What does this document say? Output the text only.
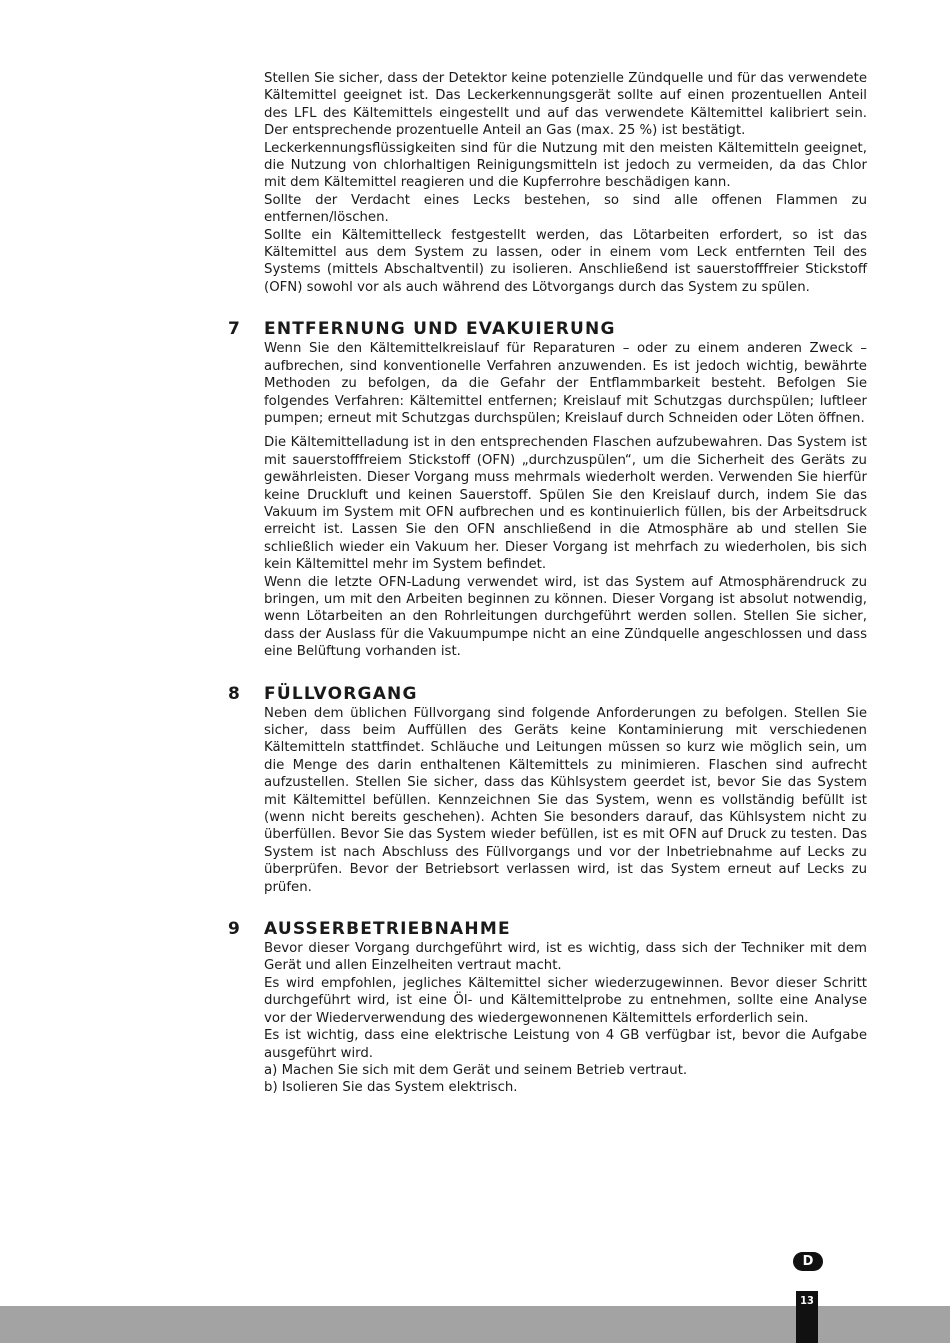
Stellen Sie sicher, dass der Detektor keine potenzielle Zündquelle und für das verwendete Kältemittel geeignet ist. Das Leckerkennungsgerät sollte auf einen prozentuellen Anteil des LFL des Kältemittels eingestellt und auf das verwendete Kältemittel kalibriert sein. Der entsprechende prozentuelle Anteil an Gas (max. 25 %) ist bestätigt.

Leckerkennungsflüssigkeiten sind für die Nutzung mit den meisten Kältemitteln geeignet, die Nutzung von chlorhaltigen Reinigungsmitteln ist jedoch zu vermeiden, da das Chlor mit dem Kältemittel reagieren und die Kupferrohre beschädigen kann.

Sollte der Verdacht eines Lecks bestehen, so sind alle offenen Flammen zu entfernen/löschen.

Sollte ein Kältemittelleck festgestellt werden, das Lötarbeiten erfordert, so ist das Kältemittel aus dem System zu lassen, oder in einem vom Leck entfernten Teil des Systems (mittels Abschaltventil) zu isolieren. Anschließend ist sauerstofffreier Stickstoff (OFN) sowohl vor als auch während des Lötvorgangs durch das System zu spülen.

7 ENTFERNUNG UND EVAKUIERUNG

Wenn Sie den Kältemittelkreislauf für Reparaturen – oder zu einem anderen Zweck – aufbrechen, sind konventionelle Verfahren anzuwenden. Es ist jedoch wichtig, bewährte Methoden zu befolgen, da die Gefahr der Entflammbarkeit besteht. Befolgen Sie folgendes Verfahren: Kältemittel entfernen; Kreislauf mit Schutzgas durchspülen; luftleer pumpen; erneut mit Schutzgas durchspülen; Kreislauf durch Schneiden oder Löten öffnen.

Die Kältemittelladung ist in den entsprechenden Flaschen aufzubewahren. Das System ist mit sauerstofffreiem Stickstoff (OFN) „durchzuspülen“, um die Sicherheit des Geräts zu gewährleisten. Dieser Vorgang muss mehrmals wiederholt werden. Verwenden Sie hierfür keine Druckluft und keinen Sauerstoff. Spülen Sie den Kreislauf durch, indem Sie das Vakuum im System mit OFN aufbrechen und es kontinuierlich füllen, bis der Arbeitsdruck erreicht ist. Lassen Sie den OFN anschließend in die Atmosphäre ab und stellen Sie schließlich wieder ein Vakuum her. Dieser Vorgang ist mehrfach zu wiederholen, bis sich kein Kältemittel mehr im System befindet.

Wenn die letzte OFN-Ladung verwendet wird, ist das System auf Atmosphärendruck zu bringen, um mit den Arbeiten beginnen zu können. Dieser Vorgang ist absolut notwendig, wenn Lötarbeiten an den Rohrleitungen durchgeführt werden sollen. Stellen Sie sicher, dass der Auslass für die Vakuumpumpe nicht an eine Zündquelle angeschlossen und dass eine Belüftung vorhanden ist.

8 FÜLLVORGANG

Neben dem üblichen Füllvorgang sind folgende Anforderungen zu befolgen. Stellen Sie sicher, dass beim Auffüllen des Geräts keine Kontaminierung mit verschiedenen Kältemitteln stattfindet. Schläuche und Leitungen müssen so kurz wie möglich sein, um die Menge des darin enthaltenen Kältemittels zu minimieren. Flaschen sind aufrecht aufzustellen. Stellen Sie sicher, dass das Kühlsystem geerdet ist, bevor Sie das System mit Kältemittel befüllen. Kennzeichnen Sie das System, wenn es vollständig befüllt ist (wenn nicht bereits geschehen). Achten Sie besonders darauf, das Kühlsystem nicht zu überfüllen. Bevor Sie das System wieder befüllen, ist es mit OFN auf Druck zu testen. Das System ist nach Abschluss des Füllvorgangs und vor der Inbetriebnahme auf Lecks zu überprüfen. Bevor der Betriebsort verlassen wird, ist das System erneut auf Lecks zu prüfen.

9 AUSSERBETRIEBNAHME

Bevor dieser Vorgang durchgeführt wird, ist es wichtig, dass sich der Techniker mit dem Gerät und allen Einzelheiten vertraut macht.

Es wird empfohlen, jegliches Kältemittel sicher wiederzugewinnen. Bevor dieser Schritt durchgeführt wird, ist eine Öl- und Kältemittelprobe zu entnehmen, sollte eine Analyse vor der Wiederverwendung des wiedergewonnenen Kältemittels erforderlich sein.

Es ist wichtig, dass eine elektrische Leistung von 4 GB verfügbar ist, bevor die Aufgabe ausgeführt wird.

a) Machen Sie sich mit dem Gerät und seinem Betrieb vertraut.

b) Isolieren Sie das System elektrisch.

D
13
